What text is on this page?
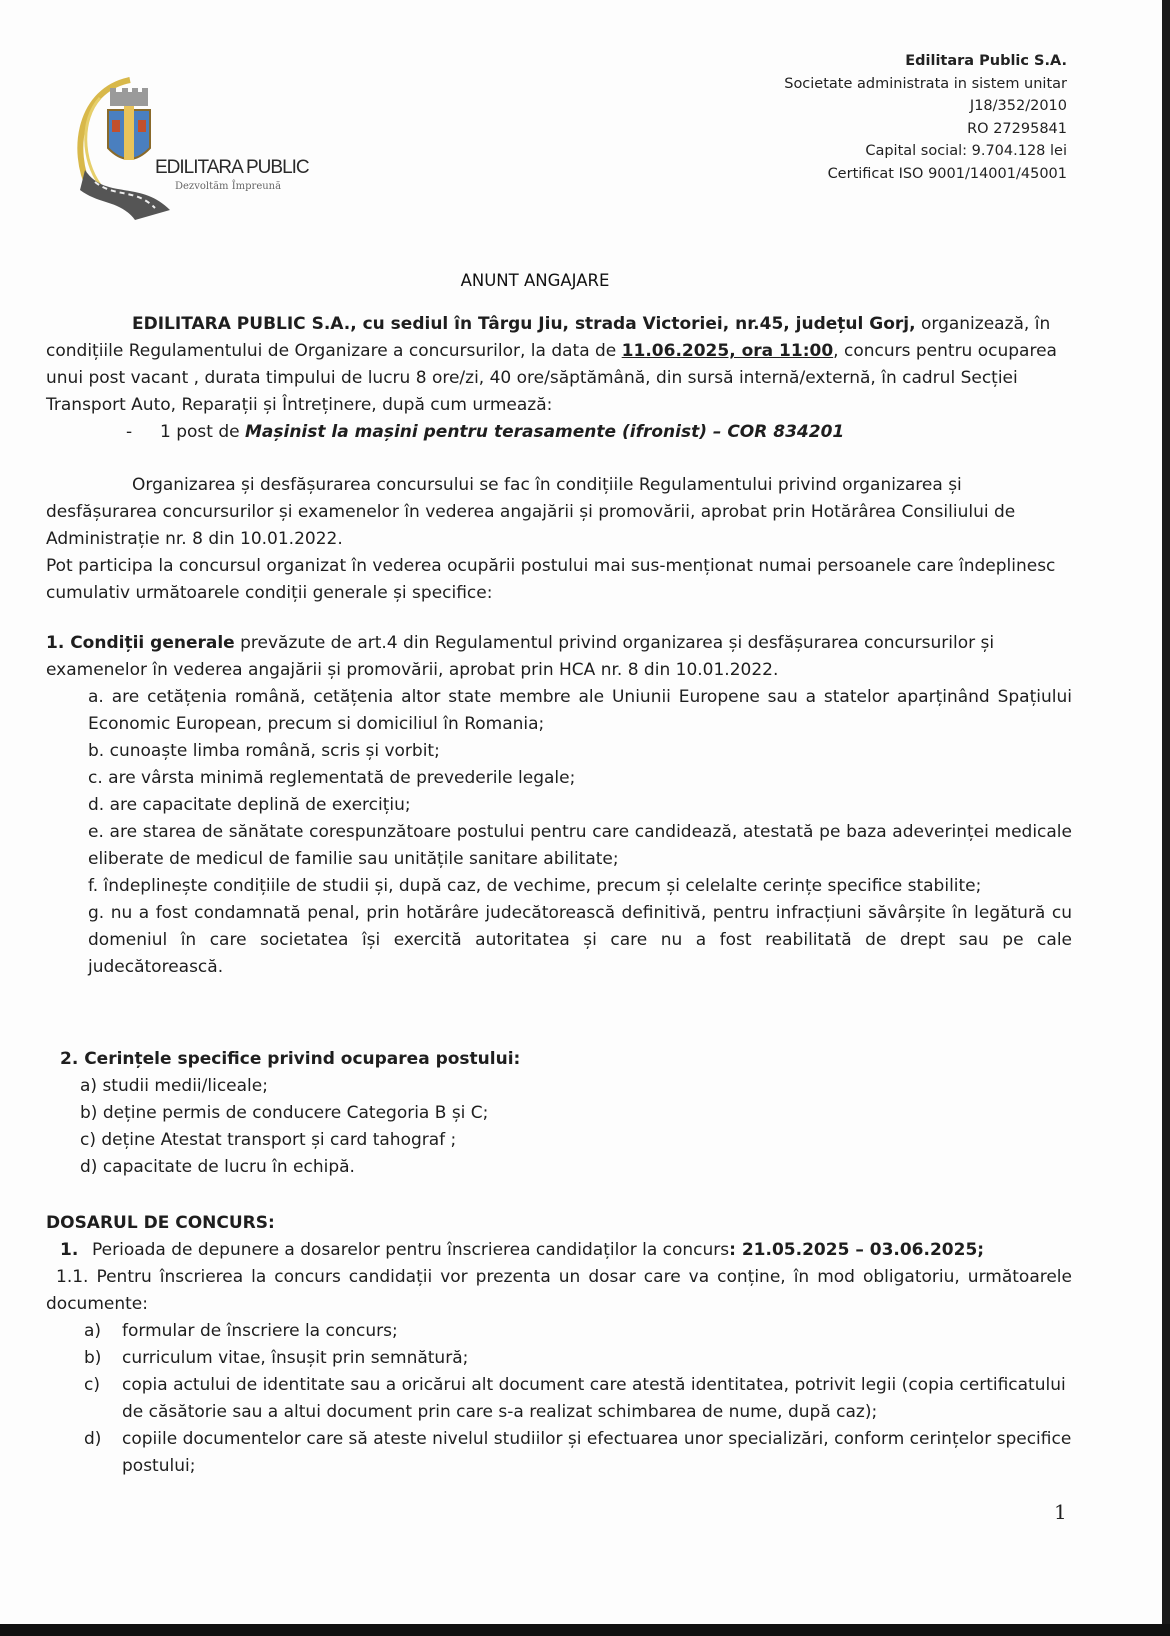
EDILITARA PUBLIC
Dezvoltăm Împreună
Edilitara Public S.A.
Societate administrata in sistem unitar
J18/352/2010
RO 27295841
Capital social: 9.704.128 lei
Certificat ISO 9001/14001/45001
ANUNT ANGAJARE

EDILITARA PUBLIC S.A., cu sediul în Târgu Jiu, strada Victoriei, nr.45, județul Gorj, organizează, în condițiile Regulamentului de Organizare a concursurilor, la data de 11.06.2025, ora 11:00, concurs pentru ocuparea unui post vacant , durata timpului de lucru 8 ore/zi, 40 ore/săptămână, din sursă internă/externă, în cadrul Secției Transport Auto, Reparații și Întreținere, după cum urmează:

- 1 post de Mașinist la mașini pentru terasamente (ifronist) – COR 834201

Organizarea și desfășurarea concursului se fac în condițiile Regulamentului privind organizarea și desfășurarea concursurilor și examenelor în vederea angajării și promovării, aprobat prin Hotărârea Consiliului de Administrație nr. 8 din 10.01.2022.

Pot participa la concursul organizat în vederea ocupării postului mai sus-menționat numai persoanele care îndeplinesc cumulativ următoarele condiții generale și specifice:

1. Condiții generale prevăzute de art.4 din Regulamentul privind organizarea și desfășurarea concursurilor și examenelor în vederea angajării și promovării, aprobat prin HCA nr. 8 din 10.01.2022.

a. are cetățenia română, cetățenia altor state membre ale Uniunii Europene sau a statelor aparținând Spațiului Economic European, precum si domiciliul în Romania;

b. cunoaște limba română, scris și vorbit;

c. are vârsta minimă reglementată de prevederile legale;

d. are capacitate deplină de exercițiu;

e. are starea de sănătate corespunzătoare postului pentru care candidează, atestată pe baza adeverinței medicale eliberate de medicul de familie sau unitățile sanitare abilitate;

f. îndeplinește condițiile de studii și, după caz, de vechime, precum și celelalte cerințe specifice stabilite;

g. nu a fost condamnată penal, prin hotărâre judecătorească definitivă, pentru infracțiuni săvârșite în legătură cu domeniul în care societatea își exercită autoritatea și care nu a fost reabilitată de drept sau pe cale judecătorească.

2. Cerințele specifice privind ocuparea postului:

a) studii medii/liceale;

b) deține permis de conducere Categoria B și C;

c) deține Atestat transport și card tahograf ;

d) capacitate de lucru în echipă.

DOSARUL DE CONCURS:

1. Perioada de depunere a dosarelor pentru înscrierea candidaților la concurs: 21.05.2025 – 03.06.2025;

1.1. Pentru înscrierea la concurs candidații vor prezenta un dosar care va conține, în mod obligatoriu, următoarele documente:

a)	formular de înscriere la concurs;
b)	curriculum vitae, însușit prin semnătură;
c)	copia actului de identitate sau a oricărui alt document care atestă identitatea, potrivit legii (copia certificatului de căsătorie sau a altui document prin care s-a realizat schimbarea de nume, după caz);
d)	copiile documentelor care să ateste nivelul studiilor și efectuarea unor specializări, conform cerințelor specifice postului;
1
